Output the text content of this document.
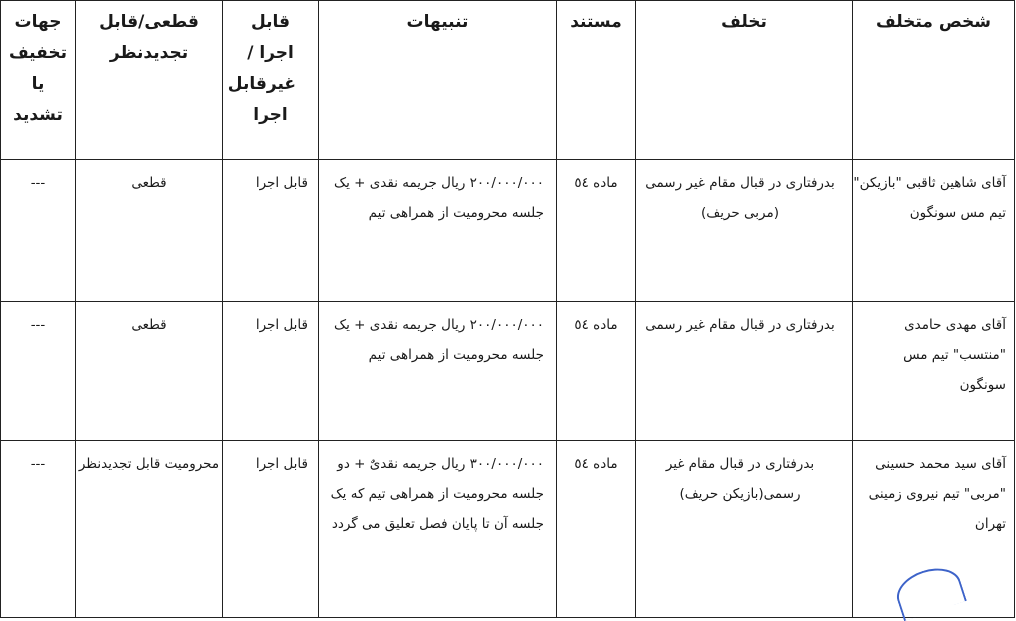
شخص متخلف	تخلف	مستند	تنبیهات	قابل اجرا /غیرقابل اجرا	قطعی/قابل تجدیدنظر	جهات تخفیف یا تشدید
آقای شاهین ثاقبی "بازیکن" تیم مس سونگون	بدرفتاری در قبال مقام غیر رسمی (مربی حریف)	ماده ٥٤	۲۰۰/۰۰۰/۰۰۰ ریال جریمه نقدی + یک جلسه محرومیت از همراهی تیم	قابل اجرا	قطعی	---
آقای مهدی حامدی "منتسب" تیم مس سونگون	بدرفتاری در قبال مقام غیر رسمی	ماده ٥٤	۲۰۰/۰۰۰/۰۰۰ ریال جریمه نقدی + یک جلسه محرومیت از همراهی تیم	قابل اجرا	قطعی	---
آقای سید محمد حسینی "مربی" تیم نیروی زمینی تهران	بدرفتاری در قبال مقام غیر رسمی(بازیکن حریف)	ماده ٥٤	۳۰۰/۰۰۰/۰۰۰ ریال جریمه نقدیٌ + دو جلسه محرومیت از همراهی تیم که یک جلسه آن تا پایان فصل تعلیق می گردد	قابل اجرا	محرومیت قابل تجدیدنظر	---
